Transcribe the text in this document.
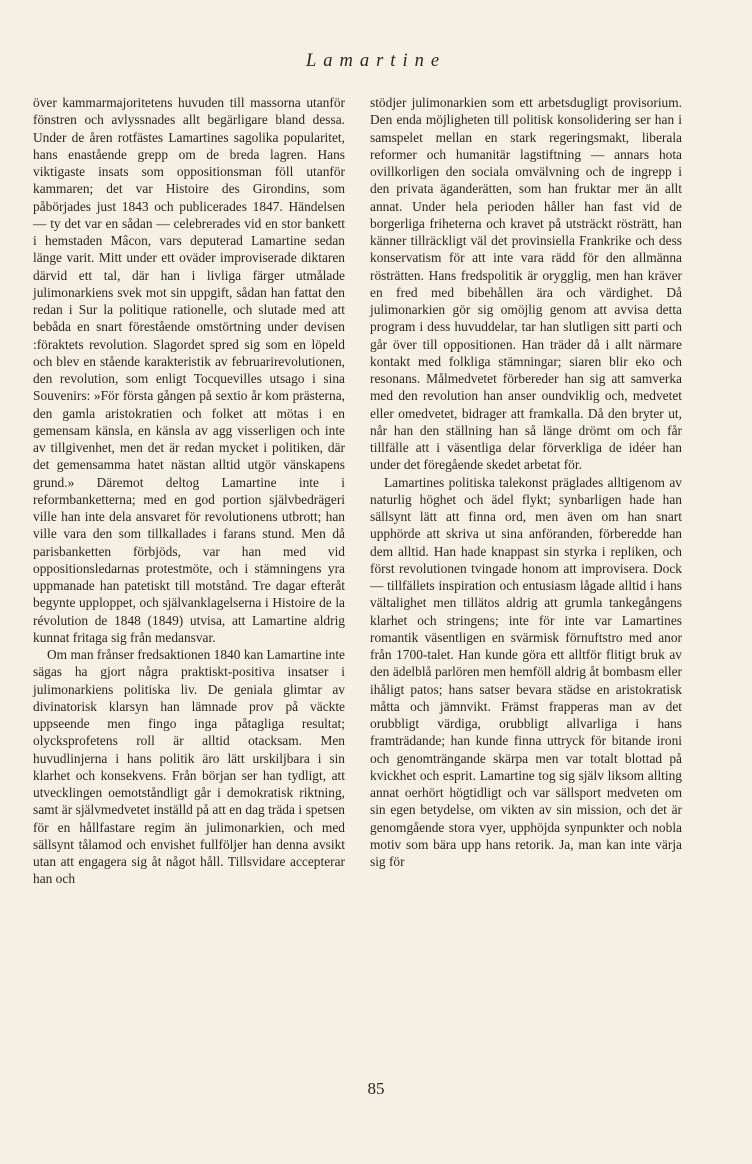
Lamartine

över kammarmajoritetens huvuden till massorna utanför fönstren och avlyssnades allt begärligare bland dessa. Under de åren rotfästes Lamartines sagolika popularitet, hans enastående grepp om de breda lagren. Hans viktigaste insats som oppositionsman föll utanför kammaren; det var Histoire des Girondins, som påbörjades just 1843 och publicerades 1847. Händelsen — ty det var en sådan — celebrerades vid en stor bankett i hemstaden Mâcon, vars deputerad Lamartine sedan länge varit. Mitt under ett oväder improviserade diktaren därvid ett tal, där han i livliga färger utmålade julimonarkiens svek mot sin uppgift, sådan han fattat den redan i Sur la politique rationelle, och slutade med att bebåda en snart förestående omstörtning under devisen :föraktets revolution. Slagordet spred sig som en löpeld och blev en stående karakteristik av februarirevolutionen, den revolution, som enligt Tocquevilles utsago i sina Souvenirs: »För första gången på sextio år kom prästerna, den gamla aristokratien och folket att mötas i en gemensam känsla, en känsla av agg visserligen och inte av tillgivenhet, men det är redan mycket i politiken, där det gemensamma hatet nästan alltid utgör vänskapens grund.» Däremot deltog Lamartine inte i reformbanketterna; med en god portion självbedrägeri ville han inte dela ansvaret för revolutionens utbrott; han ville vara den som tillkallades i farans stund. Men då parisbanketten förbjöds, var han med vid oppositionsledarnas protestmöte, och i stämningens yra uppmanade han patetiskt till motstånd. Tre dagar efteråt begynte upploppet, och självanklagelserna i Histoire de la révolution de 1848 (1849) utvisa, att Lamartine aldrig kunnat fritaga sig från medansvar.

Om man frånser fredsaktionen 1840 kan Lamartine inte sägas ha gjort några praktiskt-positiva insatser i julimonarkiens politiska liv. De geniala glimtar av divinatorisk klarsyn han lämnade prov på väckte uppseende men fingo inga påtagliga resultat; olycksprofetens roll är alltid otacksam. Men huvudlinjerna i hans politik äro lätt urskiljbara i sin klarhet och konsekvens. Från början ser han tydligt, att utvecklingen oemotståndligt går i demokratisk riktning, samt är självmedvetet inställd på att en dag träda i spetsen för en hållfastare regim än julimonarkien, och med sällsynt tålamod och envishet fullföljer han denna avsikt utan att engagera sig åt något håll. Tillsvidare accepterar han och

stödjer julimonarkien som ett arbetsdugligt provisorium. Den enda möjligheten till politisk konsolidering ser han i samspelet mellan en stark regeringsmakt, liberala reformer och humanitär lagstiftning — annars hota ovillkorligen den sociala omvälvning och de ingrepp i den privata äganderätten, som han fruktar mer än allt annat. Under hela perioden håller han fast vid de borgerliga friheterna och kravet på utsträckt rösträtt, han känner tillräckligt väl det provinsiella Frankrike och dess konservatism för att inte vara rädd för den allmänna rösträtten. Hans fredspolitik är orygglig, men han kräver en fred med bibehållen ära och värdighet. Då julimonarkien gör sig omöjlig genom att avvisa detta program i dess huvuddelar, tar han slutligen sitt parti och går över till oppositionen. Han träder då i allt närmare kontakt med folkliga stämningar; siaren blir eko och resonans. Målmedvetet förbereder han sig att samverka med den revolution han anser oundviklig och, medvetet eller omedvetet, bidrager att framkalla. Då den bryter ut, når han den ställning han så länge drömt om och får tillfälle att i väsentliga delar förverkliga de idéer han under det föregående skedet arbetat för.

Lamartines politiska talekonst präglades alltigenom av naturlig höghet och ädel flykt; synbarligen hade han sällsynt lätt att finna ord, men även om han snart upphörde att skriva ut sina anföranden, förberedde han dem alltid. Han hade knappast sin styrka i repliken, och först revolutionen tvingade honom att improvisera. Dock — tillfällets inspiration och entusiasm lågade alltid i hans vältalighet men tillätos aldrig att grumla tankegångens klarhet och stringens; inte för inte var Lamartines romantik väsentligen en svärmisk förnuftstro med anor från 1700-talet. Han kunde göra ett alltför flitigt bruk av den ädelblå parlören men hemföll aldrig åt bombasm eller ihåligt patos; hans satser bevara städse en aristokratisk måtta och jämnvikt. Främst frapperas man av det orubbligt värdiga, orubbligt allvarliga i hans framträdande; han kunde finna uttryck för bitande ironi och genomträngande skärpa men var totalt blottad på kvickhet och esprit. Lamartine tog sig själv liksom allting annat oerhört högtidligt och var sällsport medveten om sin egen betydelse, om vikten av sin mission, och det är genomgående stora vyer, upphöjda synpunkter och nobla motiv som bära upp hans retorik. Ja, man kan inte värja sig för

85
